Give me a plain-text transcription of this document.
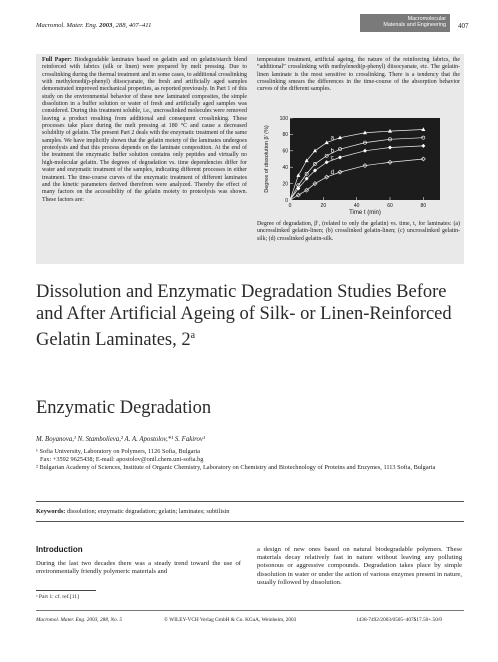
Macromol. Mater. Eng. 2003, 288, 407–411
Macromolecular
Materials and Engineering 407
Full Paper: Biodegradable laminates based on gelatin and on gelatin/starch blend reinforced with fabrics (silk or linen) were prepared by melt pressing. Due to crosslinking during the thermal treatment and in some cases, to additional crosslinking with methylenedi(p-phenyl) diisocyanate, the fresh and artificially aged samples demonstrated improved mechanical properties, as reported previously. In Part 1 of this study on the environmental behavior of these new laminated composites, the simple dissolution in a buffer solution or water of fresh and artificially aged samples was considered. During this treatment soluble, i.e., uncrosslinked molecules were removed leaving a product resulting from additional and consequent crosslinking. These processes take place during the melt pressing at 180 °C and cause a decreased solubility of gelatin. The present Part 2 deals with the enzymatic treatment of the same samples. We have implicitly shown that the gelatin moiety of the laminates undergoes proteolysis and that this process depends on the laminate composition. At the end of the treatment the enzymatic buffer solution contains only peptides and virtually no high-molecular gelatin. The degrees of degradation vs. time dependencies differ for water and enzymatic treatment of the samples, indicating different processes in either treatment. The time-course curves of the enzymatic treatment of different laminates and the kinetic parameters derived therefrom were analyzed. Thereby the effect of many factors on the accessibility of the gelatin moiety to proteolysis was shown. These factors are:
temperature treatment, artificial ageing, the nature of the reinforcing fabrics, the “additional” crosslinking with methylenedi(p-phenyl) diisocyanate, etc. The gelatin-linen laminate is the most sensitive to crosslinking. There is a tendency that the crosslinking smears the differences in the time-course of the absorption behavior curves of the different samples.
0	20	40	60	80
0
20
40
60
80
100
a
b
c
d
Time t (min)
Degree of dissolution β′ (%)
Degree of degradation, β′, (related to only the gelatin) vs. time, t, for laminates: (a) uncrosslinked gelatin-linen; (b) crosslinked gelatin-linen; (c) uncrosslinked gelatin-silk; (d) crosslinked gelatin-silk.
Dissolution and Enzymatic Degradation Studies Before and After Artificial Ageing of Silk- or Linen-Reinforced Gelatin Laminates, 2$^a$
Enzymatic Degradation
M. Boyanova,¹ N. Stambolieva,² A. A. Apostolov,*¹ S. Fakirov¹
¹ Sofia University, Laboratory on Polymers, 1126 Sofia, Bulgaria
Fax: +3592 9625438; E-mail: apostolov@onil.chem.uni-sofia.bg
² Bulgarian Academy of Sciences, Institute of Organic Chemistry, Laboratory on Chemistry and Biotechnology of Proteins and Enzymes, 1113 Sofia, Bulgaria
Keywords: dissolution; enzymatic degradation; gelatin; laminates; subtilisin
Introduction
During the last two decades there was a steady trend toward the use of environmentally friendly polymeric materials and
a design of new ones based on natural biodegradable polymers. These materials decay relatively fast in nature without leaving any polluting poisonous or aggressive compounds. Degradation takes place by simple dissolution in water or under the action of various enzymes present in nature, usually followed by dissolution.
ᵃ Part 1: cf. ref.[11]
Macromol. Mater. Eng. 2003, 288, No. 5	© WILEY-VCH Verlag GmbH & Co. KGaA, Weinheim, 2003	1438-7492/2003/0505–407$17.50+.50/0
